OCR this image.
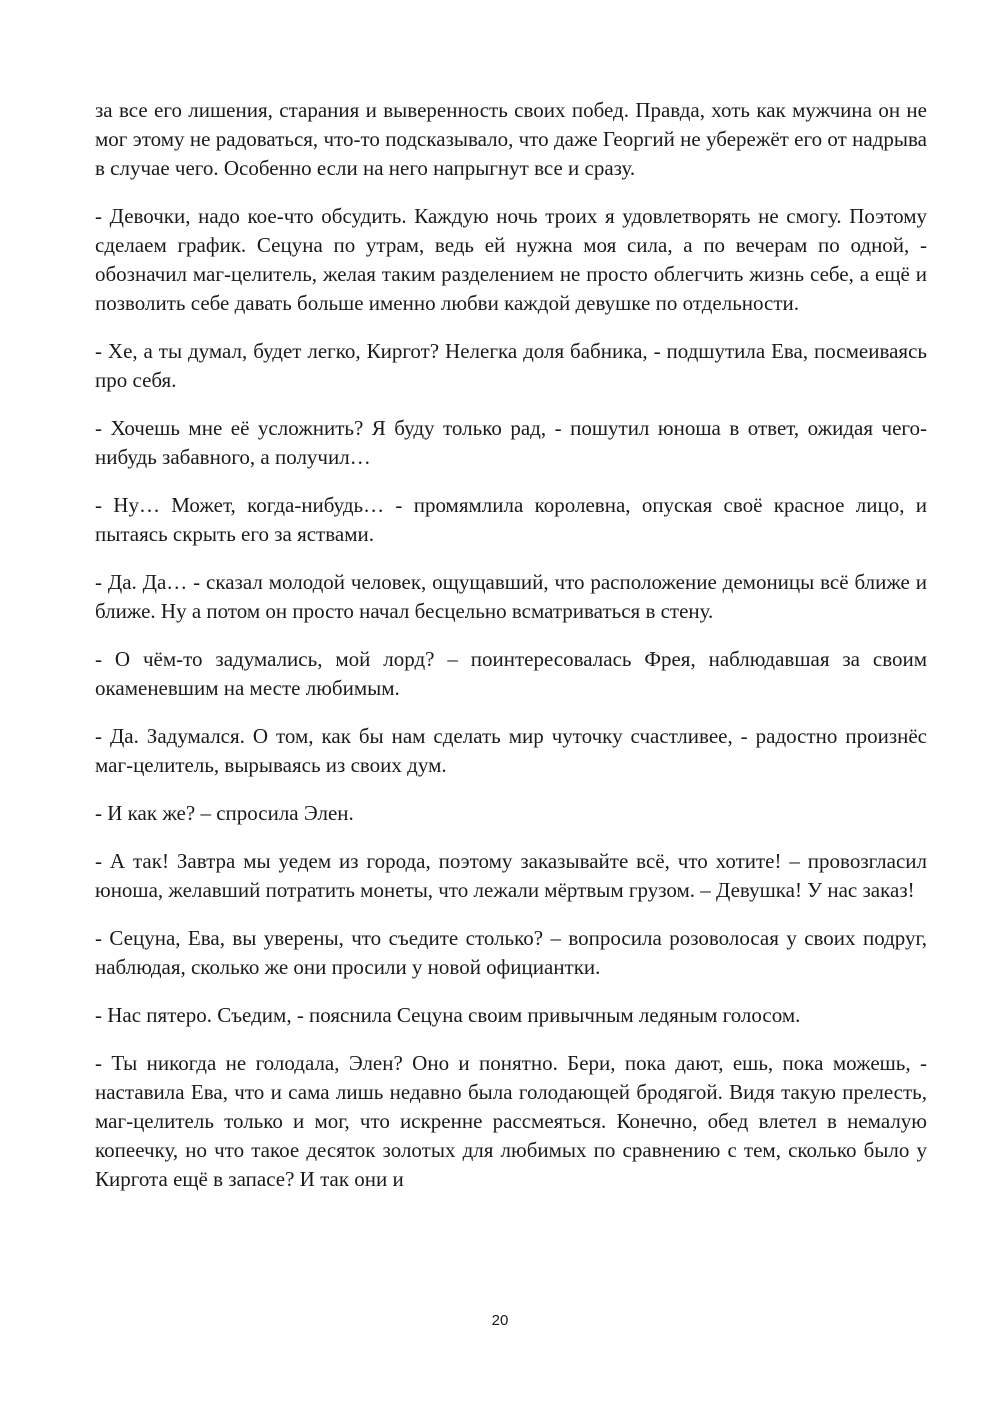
за все его лишения, старания и выверенность своих побед. Правда, хоть как мужчина он не мог этому не радоваться, что-то подсказывало, что даже Георгий не убережёт его от надрыва в случае чего. Особенно если на него напрыгнут все и сразу.

- Девочки, надо кое-что обсудить. Каждую ночь троих я удовлетворять не смогу. Поэтому сделаем график. Сецуна по утрам, ведь ей нужна моя сила, а по вечерам по одной, - обозначил маг-целитель, желая таким разделением не просто облегчить жизнь себе, а ещё и позволить себе давать больше именно любви каждой девушке по отдельности.

- Хе, а ты думал, будет легко, Киргот? Нелегка доля бабника, - подшутила Ева, посмеиваясь про себя.

- Хочешь мне её усложнить? Я буду только рад, - пошутил юноша в ответ, ожидая чего-нибудь забавного, а получил…

- Ну… Может, когда-нибудь… - промямлила королевна, опуская своё красное лицо, и пытаясь скрыть его за яствами.

- Да. Да… - сказал молодой человек, ощущавший, что расположение демоницы всё ближе и ближе. Ну а потом он просто начал бесцельно всматриваться в стену.

- О чём-то задумались, мой лорд? – поинтересовалась Фрея, наблюдавшая за своим окаменевшим на месте любимым.

- Да. Задумался. О том, как бы нам сделать мир чуточку счастливее, - радостно произнёс маг-целитель, вырываясь из своих дум.

- И как же? – спросила Элен.

- А так! Завтра мы уедем из города, поэтому заказывайте всё, что хотите! – провозгласил юноша, желавший потратить монеты, что лежали мёртвым грузом. – Девушка! У нас заказ!

- Сецуна, Ева, вы уверены, что съедите столько? – вопросила розоволосая у своих подруг, наблюдая, сколько же они просили у новой официантки.

- Нас пятеро. Съедим, - пояснила Сецуна своим привычным ледяным голосом.

- Ты никогда не голодала, Элен? Оно и понятно. Бери, пока дают, ешь, пока можешь, - наставила Ева, что и сама лишь недавно была голодающей бродягой. Видя такую прелесть, маг-целитель только и мог, что искренне рассмеяться. Конечно, обед влетел в немалую копеечку, но что такое десяток золотых для любимых по сравнению с тем, сколько было у Киргота ещё в запасе? И так они и

20
